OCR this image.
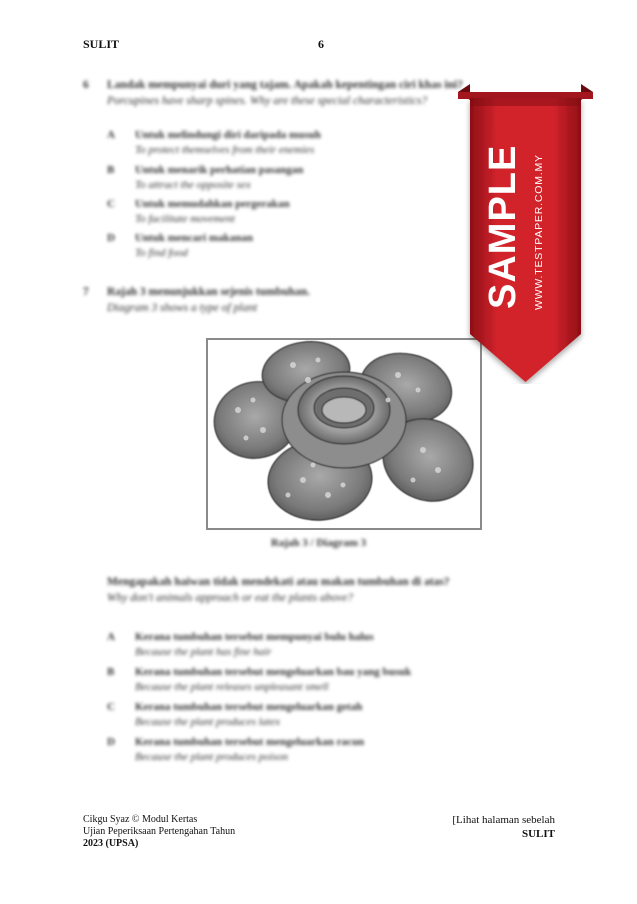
SULIT	6
6 Landak mempunyai duri yang tajam. Apakah kepentingan ciri khas ini?
Porcupines have sharp spines. Why are these special characteristics?
A Untuk melindungi diri daripada musuh
To protect themselves from their enemies
B Untuk menarik perhatian pasangan
To attract the opposite sex
C Untuk memudahkan pergerakan
To facilitate movement
D Untuk mencari makanan
To find food
7 Rajah 3 menunjukkan sejenis tumbuhan.
Diagram 3 shows a type of plant
Rajah 3 / Diagram 3
Mengapakah haiwan tidak mendekati atau makan tumbuhan di atas?
Why don't animals approach or eat the plants above?
A Kerana tumbuhan tersebut mempunyai bulu halus
Because the plant has fine hair
B Kerana tumbuhan tersebut mengeluarkan bau yang busuk
Because the plant releases unpleasant smell
C Kerana tumbuhan tersebut mengeluarkan getah
Because the plant produces latex
D Kerana tumbuhan tersebut mengeluarkan racun
Because the plant produces poison
SAMPLE WWW.TESTPAPER.COM.MY
Cikgu Syaz © Modul Kertas
Ujian Peperiksaan Pertengahan Tahun
2023 (UPSA)
[Lihat halaman sebelah
SULIT
